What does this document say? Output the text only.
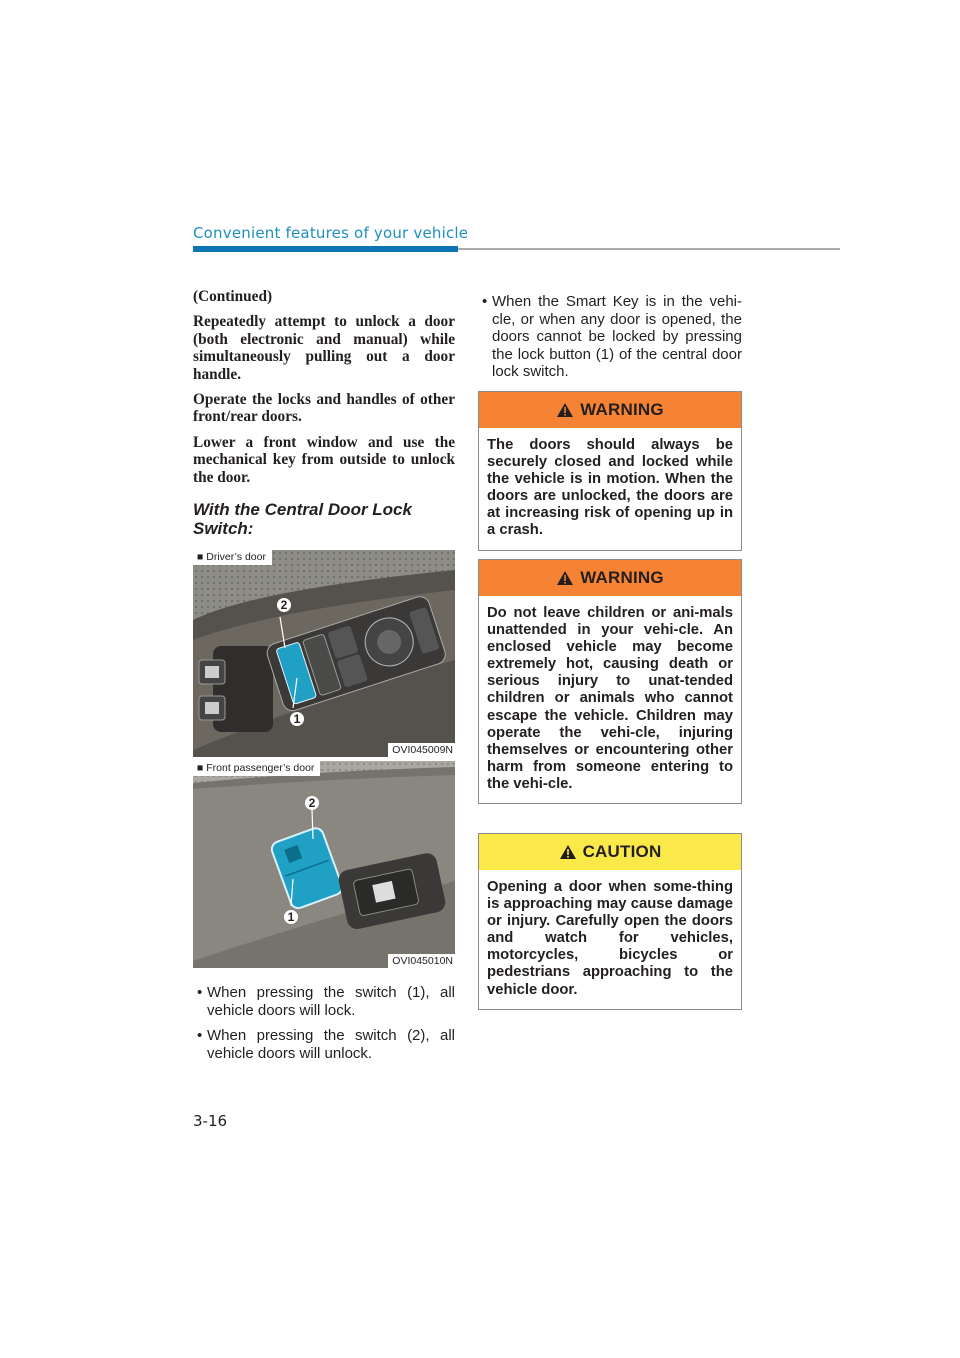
Convenient features of your vehicle

(Continued)

Repeatedly attempt to unlock a door (both electronic and manual) while simultaneously pulling out a door handle.

Operate the locks and handles of other front/rear doors.

Lower a front window and use the mechanical key from outside to unlock the door.

With the Central Door Lock Switch:
2
1
■ Driver’s door
OVI045009N
2
1
■ Front passenger’s door
OVI045010N
• When pressing the switch (1), all vehicle doors will lock.
• When pressing the switch (2), all vehicle doors will unlock.
• When the Smart Key is in the vehi-cle, or when any door is opened, the doors cannot be locked by pressing the lock button (1) of the central door lock switch.
WARNING
The doors should always be securely closed and locked while the vehicle is in motion. When the doors are unlocked, the doors are at increasing risk of opening up in a crash.
WARNING
Do not leave children or ani-mals unattended in your vehi-cle. An enclosed vehicle may become extremely hot, causing death or serious injury to unat-tended children or animals who cannot escape the vehicle. Children may operate the vehi-cle, injuring themselves or encountering other harm from someone entering to the vehi-cle.
CAUTION
Opening a door when some-thing is approaching may cause damage or injury. Carefully open the doors and watch for vehicles, motorcycles, bicycles or pedestrians approaching to the vehicle door.
3-16
